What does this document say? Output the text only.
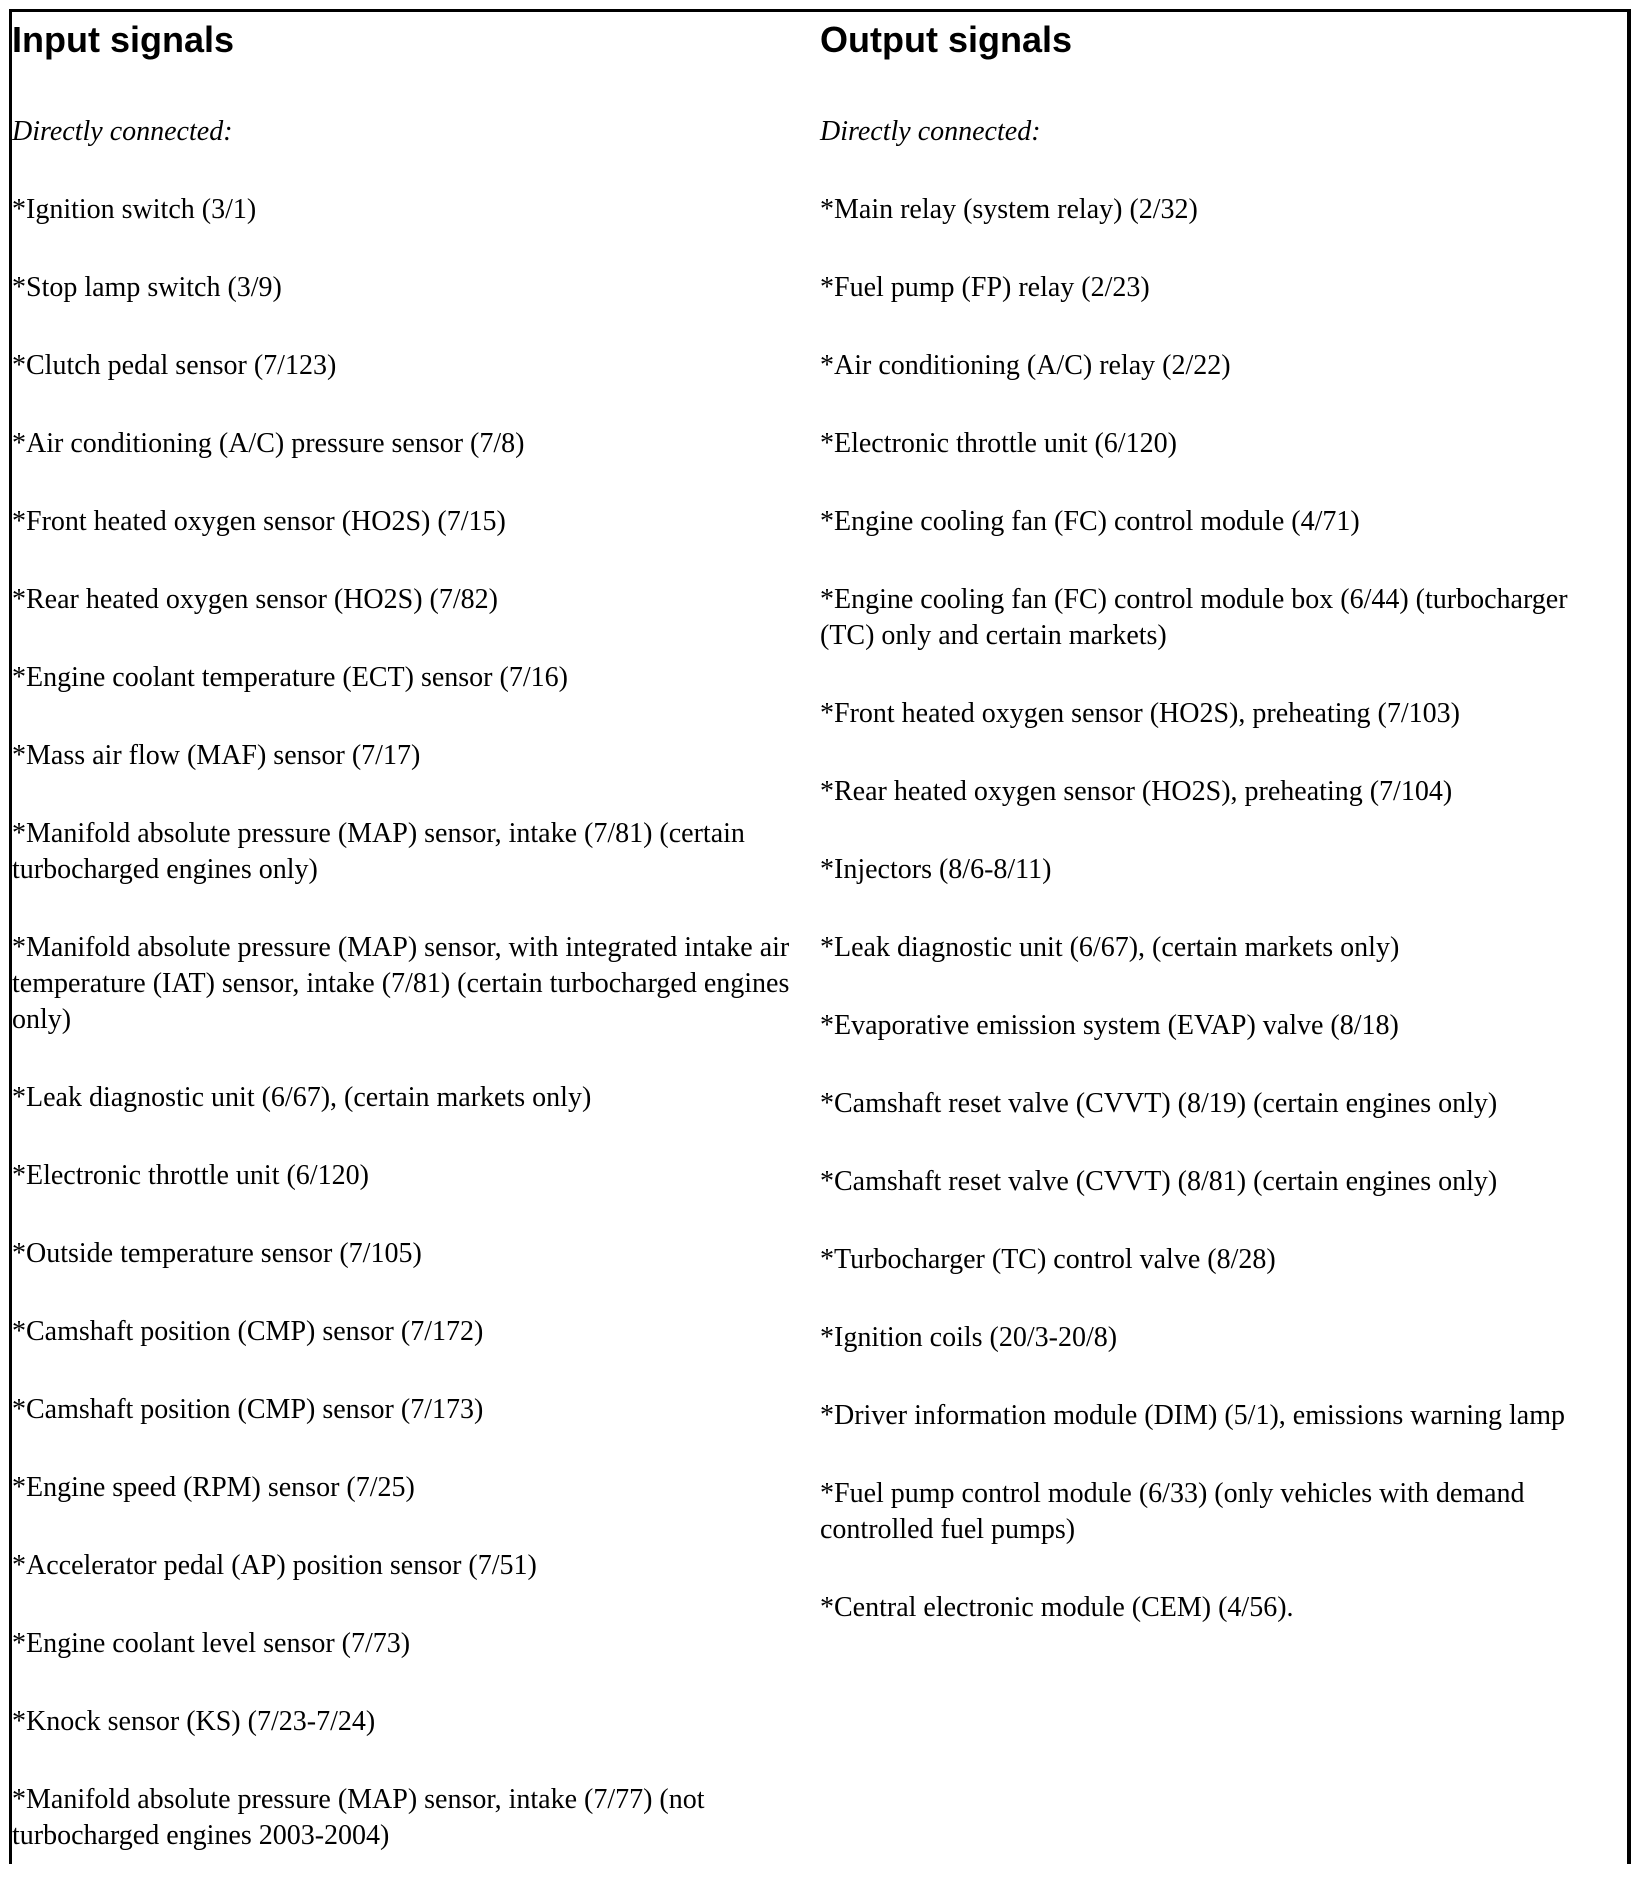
Input signals

Directly connected:

*Ignition switch (3/1)
*Stop lamp switch (3/9)
*Clutch pedal sensor (7/123)
*Air conditioning (A/C) pressure sensor (7/8)
*Front heated oxygen sensor (HO2S) (7/15)
*Rear heated oxygen sensor (HO2S) (7/82)
*Engine coolant temperature (ECT) sensor (7/16)
*Mass air flow (MAF) sensor (7/17)
*Manifold absolute pressure (MAP) sensor, intake (7/81) (certain turbocharged engines only)
*Manifold absolute pressure (MAP) sensor, with integrated intake air temperature (IAT) sensor, intake (7/81) (certain turbocharged engines only)
*Leak diagnostic unit (6/67), (certain markets only)
*Electronic throttle unit (6/120)
*Outside temperature sensor (7/105)
*Camshaft position (CMP) sensor (7/172)
*Camshaft position (CMP) sensor (7/173)
*Engine speed (RPM) sensor (7/25)
*Accelerator pedal (AP) position sensor (7/51)
*Engine coolant level sensor (7/73)
*Knock sensor (KS) (7/23-7/24)
*Manifold absolute pressure (MAP) sensor, intake (7/77) (not turbocharged engines 2003-2004)
Output signals

Directly connected:

*Main relay (system relay) (2/32)
*Fuel pump (FP) relay (2/23)
*Air conditioning (A/C) relay (2/22)
*Electronic throttle unit (6/120)
*Engine cooling fan (FC) control module (4/71)
*Engine cooling fan (FC) control module box (6/44) (turbocharger (TC) only and certain markets)
*Front heated oxygen sensor (HO2S), preheating (7/103)
*Rear heated oxygen sensor (HO2S), preheating (7/104)
*Injectors (8/6-8/11)
*Leak diagnostic unit (6/67), (certain markets only)
*Evaporative emission system (EVAP) valve (8/18)
*Camshaft reset valve (CVVT) (8/19) (certain engines only)
*Camshaft reset valve (CVVT) (8/81) (certain engines only)
*Turbocharger (TC) control valve (8/28)
*Ignition coils (20/3-20/8)
*Driver information module (DIM) (5/1), emissions warning lamp
*Fuel pump control module (6/33) (only vehicles with demand controlled fuel pumps)
*Central electronic module (CEM) (4/56).
